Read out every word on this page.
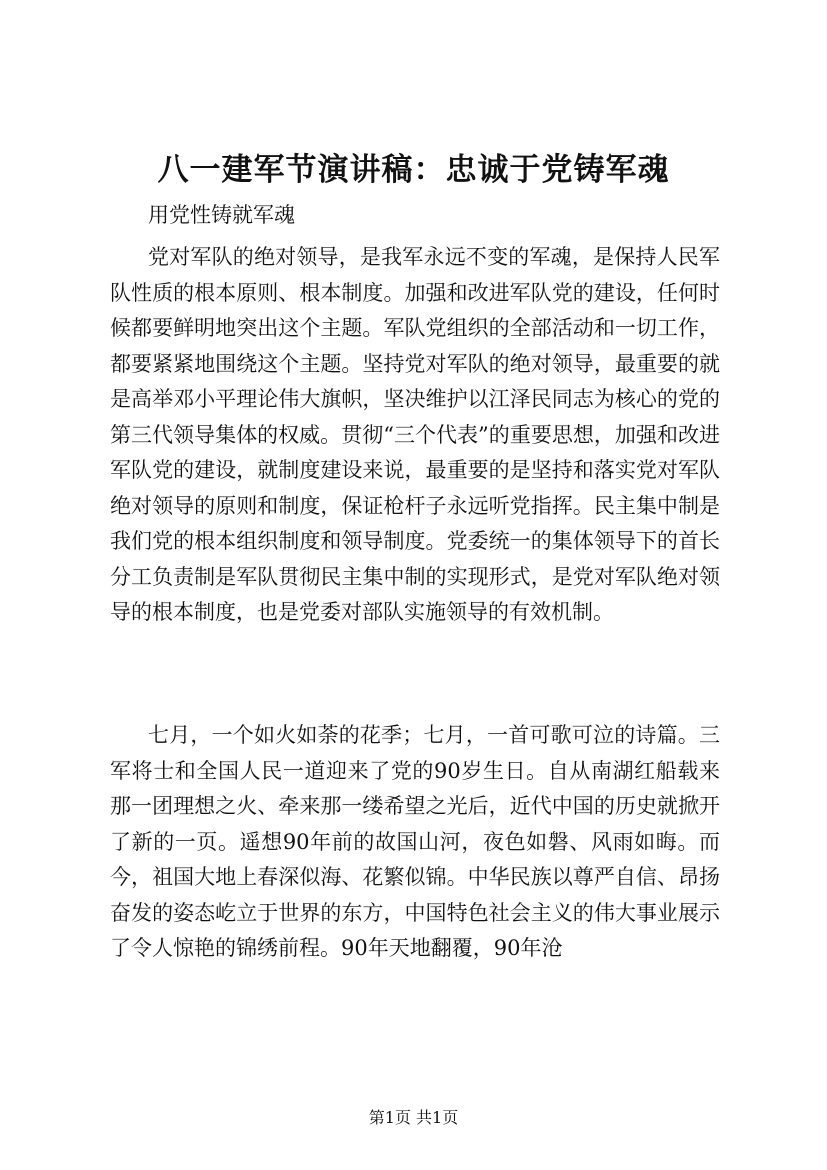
八一建军节演讲稿：忠诚于党铸军魂

用党性铸就军魂

党对军队的绝对领导，是我军永远不变的军魂，是保持人民军队性质的根本原则、根本制度。加强和改进军队党的建设，任何时候都要鲜明地突出这个主题。军队党组织的全部活动和一切工作，都要紧紧地围绕这个主题。坚持党对军队的绝对领导，最重要的就是高举邓小平理论伟大旗帜，坚决维护以江泽民同志为核心的党的第三代领导集体的权威。贯彻“三个代表”的重要思想，加强和改进军队党的建设，就制度建设来说，最重要的是坚持和落实党对军队绝对领导的原则和制度，保证枪杆子永远听党指挥。民主集中制是我们党的根本组织制度和领导制度。党委统一的集体领导下的首长分工负责制是军队贯彻民主集中制的实现形式，是党对军队绝对领导的根本制度，也是党委对部队实施领导的有效机制。

七月，一个如火如荼的花季；七月，一首可歌可泣的诗篇。三军将士和全国人民一道迎来了党的90岁生日。自从南湖红船载来那一团理想之火、牵来那一缕希望之光后，近代中国的历史就掀开了新的一页。遥想90年前的故国山河，夜色如磐、风雨如晦。而今，祖国大地上春深似海、花繁似锦。中华民族以尊严自信、昂扬奋发的姿态屹立于世界的东方，中国特色社会主义的伟大事业展示了令人惊艳的锦绣前程。90年天地翻覆，90年沧

第1页 共1页
